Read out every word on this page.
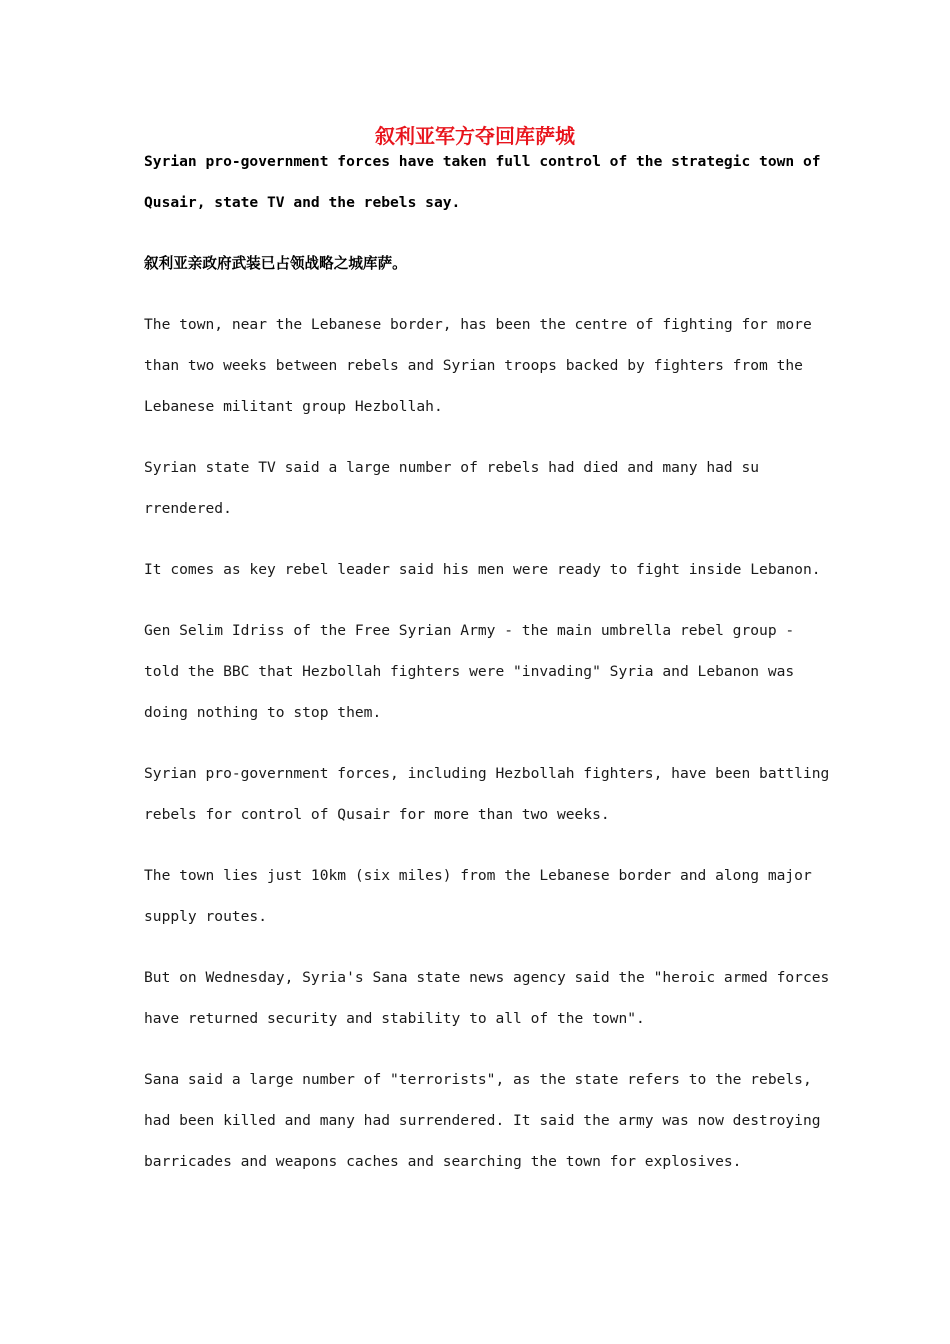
叙利亚军方夺回库萨城
Syrian pro-government forces have taken full control of the strategic town of
Qusair, state TV and the rebels say.
叙利亚亲政府武装已占领战略之城库萨。
The town, near the Lebanese border, has been the centre of fighting for more
than two weeks between rebels and Syrian troops backed by fighters from the
Lebanese militant group Hezbollah.
Syrian state TV said a large number of rebels had died and many had su
rrendered.
It comes as key rebel leader said his men were ready to fight inside Lebanon.
Gen Selim Idriss of the Free Syrian Army - the main umbrella rebel group -
told the BBC that Hezbollah fighters were "invading" Syria and Lebanon was
doing nothing to stop them.
Syrian pro-government forces, including Hezbollah fighters, have been battling
rebels for control of Qusair for more than two weeks.
The town lies just 10km (six miles) from the Lebanese border and along major
supply routes.
But on Wednesday, Syria's Sana state news agency said the "heroic armed forces
have returned security and stability to all of the town".
Sana said a large number of "terrorists", as the state refers to the rebels,
had been killed and many had surrendered. It said the army was now destroying
barricades and weapons caches and searching the town for explosives.
